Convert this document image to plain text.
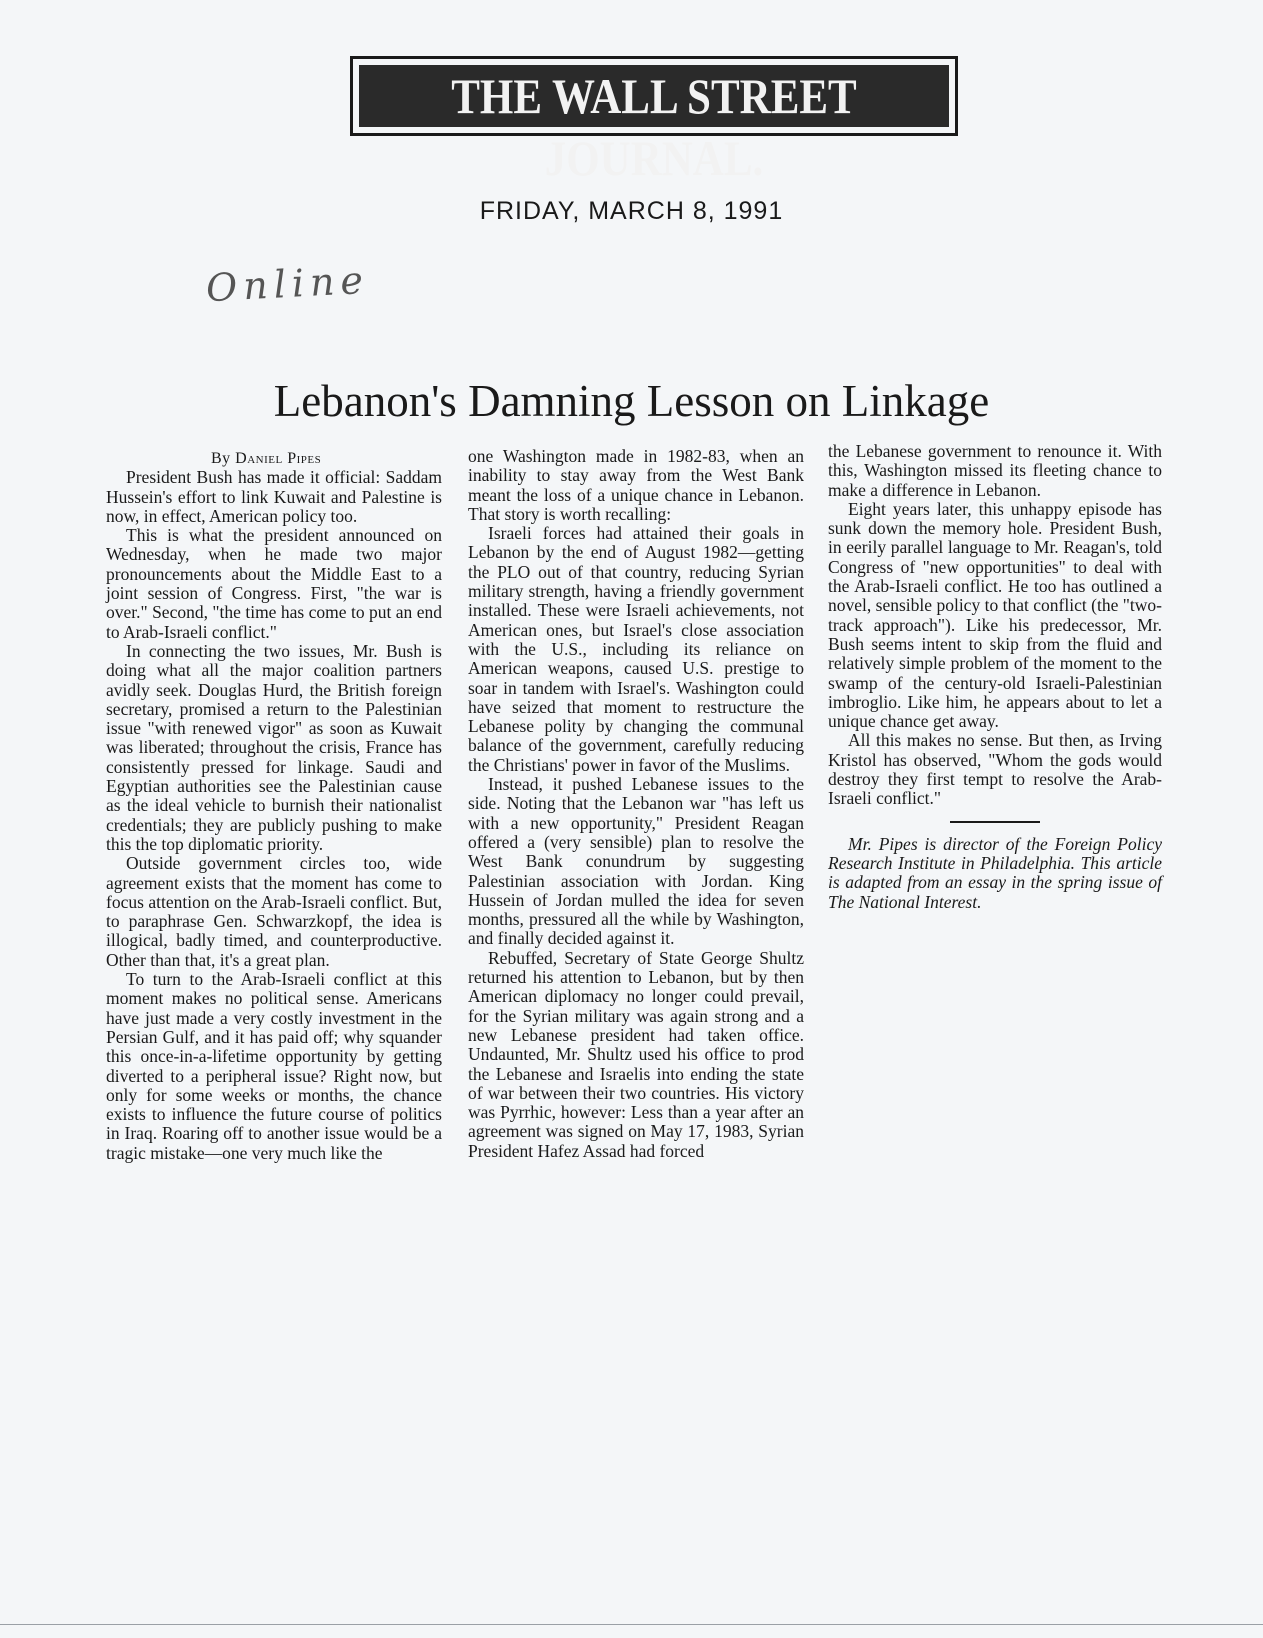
THE WALL STREET JOURNAL.
FRIDAY, MARCH 8, 1991
Online
Lebanon's Damning Lesson on Linkage

By Daniel Pipes

President Bush has made it official: Saddam Hussein's effort to link Kuwait and Palestine is now, in effect, American policy too.

This is what the president announced on Wednesday, when he made two major pronouncements about the Middle East to a joint session of Congress. First, "the war is over." Second, "the time has come to put an end to Arab-Israeli conflict."

In connecting the two issues, Mr. Bush is doing what all the major coalition partners avidly seek. Douglas Hurd, the British foreign secretary, promised a return to the Palestinian issue "with renewed vigor" as soon as Kuwait was liberated; throughout the crisis, France has consistently pressed for linkage. Saudi and Egyptian authorities see the Palestinian cause as the ideal vehicle to burnish their nationalist credentials; they are publicly pushing to make this the top diplomatic priority.

Outside government circles too, wide agreement exists that the moment has come to focus attention on the Arab-Israeli conflict. But, to paraphrase Gen. Schwarzkopf, the idea is illogical, badly timed, and counterproductive. Other than that, it's a great plan.

To turn to the Arab-Israeli conflict at this moment makes no political sense. Americans have just made a very costly investment in the Persian Gulf, and it has paid off; why squander this once-in-a-lifetime opportunity by getting diverted to a peripheral issue? Right now, but only for some weeks or months, the chance exists to influence the future course of politics in Iraq. Roaring off to another issue would be a tragic mistake—one very much like the

one Washington made in 1982-83, when an inability to stay away from the West Bank meant the loss of a unique chance in Lebanon. That story is worth recalling:

Israeli forces had attained their goals in Lebanon by the end of August 1982—getting the PLO out of that country, reducing Syrian military strength, having a friendly government installed. These were Israeli achievements, not American ones, but Israel's close association with the U.S., including its reliance on American weapons, caused U.S. prestige to soar in tandem with Israel's. Washington could have seized that moment to restructure the Lebanese polity by changing the communal balance of the government, carefully reducing the Christians' power in favor of the Muslims.

Instead, it pushed Lebanese issues to the side. Noting that the Lebanon war "has left us with a new opportunity," President Reagan offered a (very sensible) plan to resolve the West Bank conundrum by suggesting Palestinian association with Jordan. King Hussein of Jordan mulled the idea for seven months, pressured all the while by Washington, and finally decided against it.

Rebuffed, Secretary of State George Shultz returned his attention to Lebanon, but by then American diplomacy no longer could prevail, for the Syrian military was again strong and a new Lebanese president had taken office. Undaunted, Mr. Shultz used his office to prod the Lebanese and Israelis into ending the state of war between their two countries. His victory was Pyrrhic, however: Less than a year after an agreement was signed on May 17, 1983, Syrian President Hafez Assad had forced

the Lebanese government to renounce it. With this, Washington missed its fleeting chance to make a difference in Lebanon.

Eight years later, this unhappy episode has sunk down the memory hole. President Bush, in eerily parallel language to Mr. Reagan's, told Congress of "new opportunities" to deal with the Arab-Israeli conflict. He too has outlined a novel, sensible policy to that conflict (the "two-track approach"). Like his predecessor, Mr. Bush seems intent to skip from the fluid and relatively simple problem of the moment to the swamp of the century-old Israeli-Palestinian imbroglio. Like him, he appears about to let a unique chance get away.

All this makes no sense. But then, as Irving Kristol has observed, "Whom the gods would destroy they first tempt to resolve the Arab-Israeli conflict."

Mr. Pipes is director of the Foreign Policy Research Institute in Philadelphia. This article is adapted from an essay in the spring issue of The National Interest.
